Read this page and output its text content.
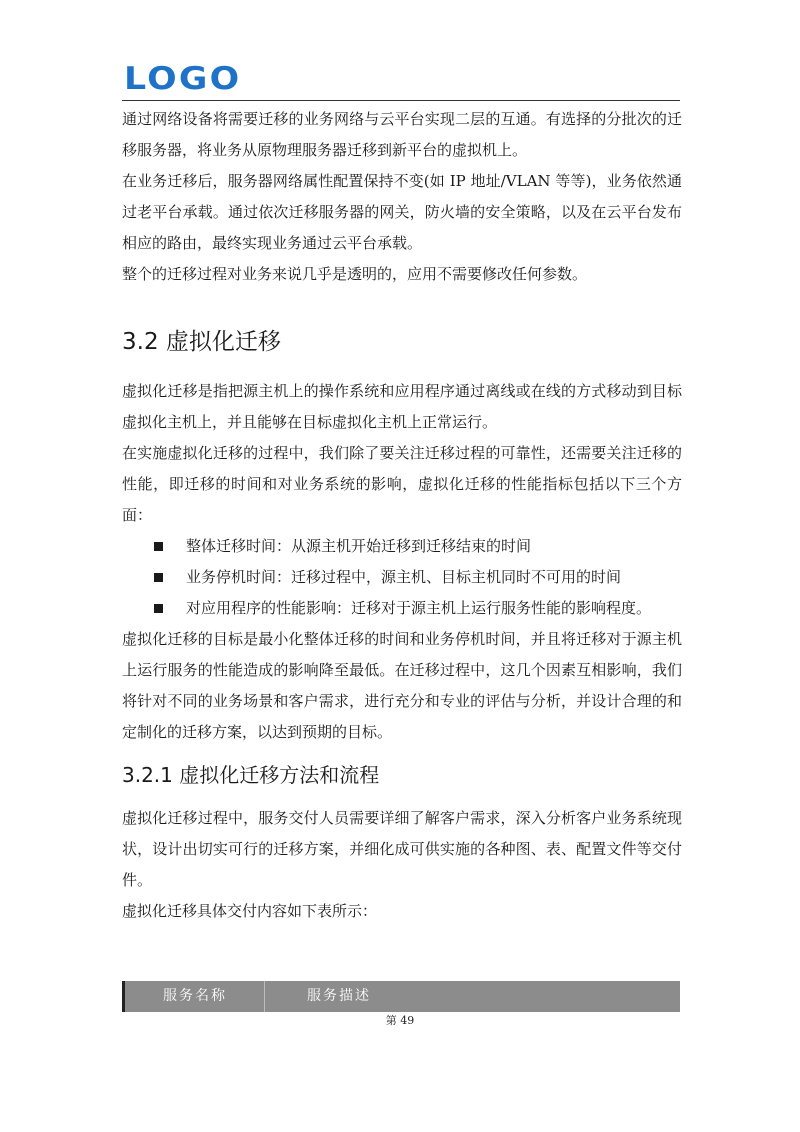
LOGO

通过网络设备将需要迁移的业务网络与云平台实现二层的互通。有选择的分批次的迁移服务器，将业务从原物理服务器迁移到新平台的虚拟机上。

在业务迁移后，服务器网络属性配置保持不变(如 IP 地址/VLAN 等等)，业务依然通过老平台承载。通过依次迁移服务器的网关，防火墙的安全策略，以及在云平台发布相应的路由，最终实现业务通过云平台承载。

整个的迁移过程对业务来说几乎是透明的，应用不需要修改任何参数。

3.2 虚拟化迁移

虚拟化迁移是指把源主机上的操作系统和应用程序通过离线或在线的方式移动到目标虚拟化主机上，并且能够在目标虚拟化主机上正常运行。

在实施虚拟化迁移的过程中，我们除了要关注迁移过程的可靠性，还需要关注迁移的性能，即迁移的时间和对业务系统的影响，虚拟化迁移的性能指标包括以下三个方面：

整体迁移时间：从源主机开始迁移到迁移结束的时间
业务停机时间：迁移过程中，源主机、目标主机同时不可用的时间
对应用程序的性能影响：迁移对于源主机上运行服务性能的影响程度。

虚拟化迁移的目标是最小化整体迁移的时间和业务停机时间，并且将迁移对于源主机上运行服务的性能造成的影响降至最低。在迁移过程中，这几个因素互相影响，我们将针对不同的业务场景和客户需求，进行充分和专业的评估与分析，并设计合理的和定制化的迁移方案，以达到预期的目标。

3.2.1 虚拟化迁移方法和流程

虚拟化迁移过程中，服务交付人员需要详细了解客户需求，深入分析客户业务系统现状，设计出切实可行的迁移方案，并细化成可供实施的各种图、表、配置文件等交付件。

虚拟化迁移具体交付内容如下表所示：

服务名称	服务描述
第 49
